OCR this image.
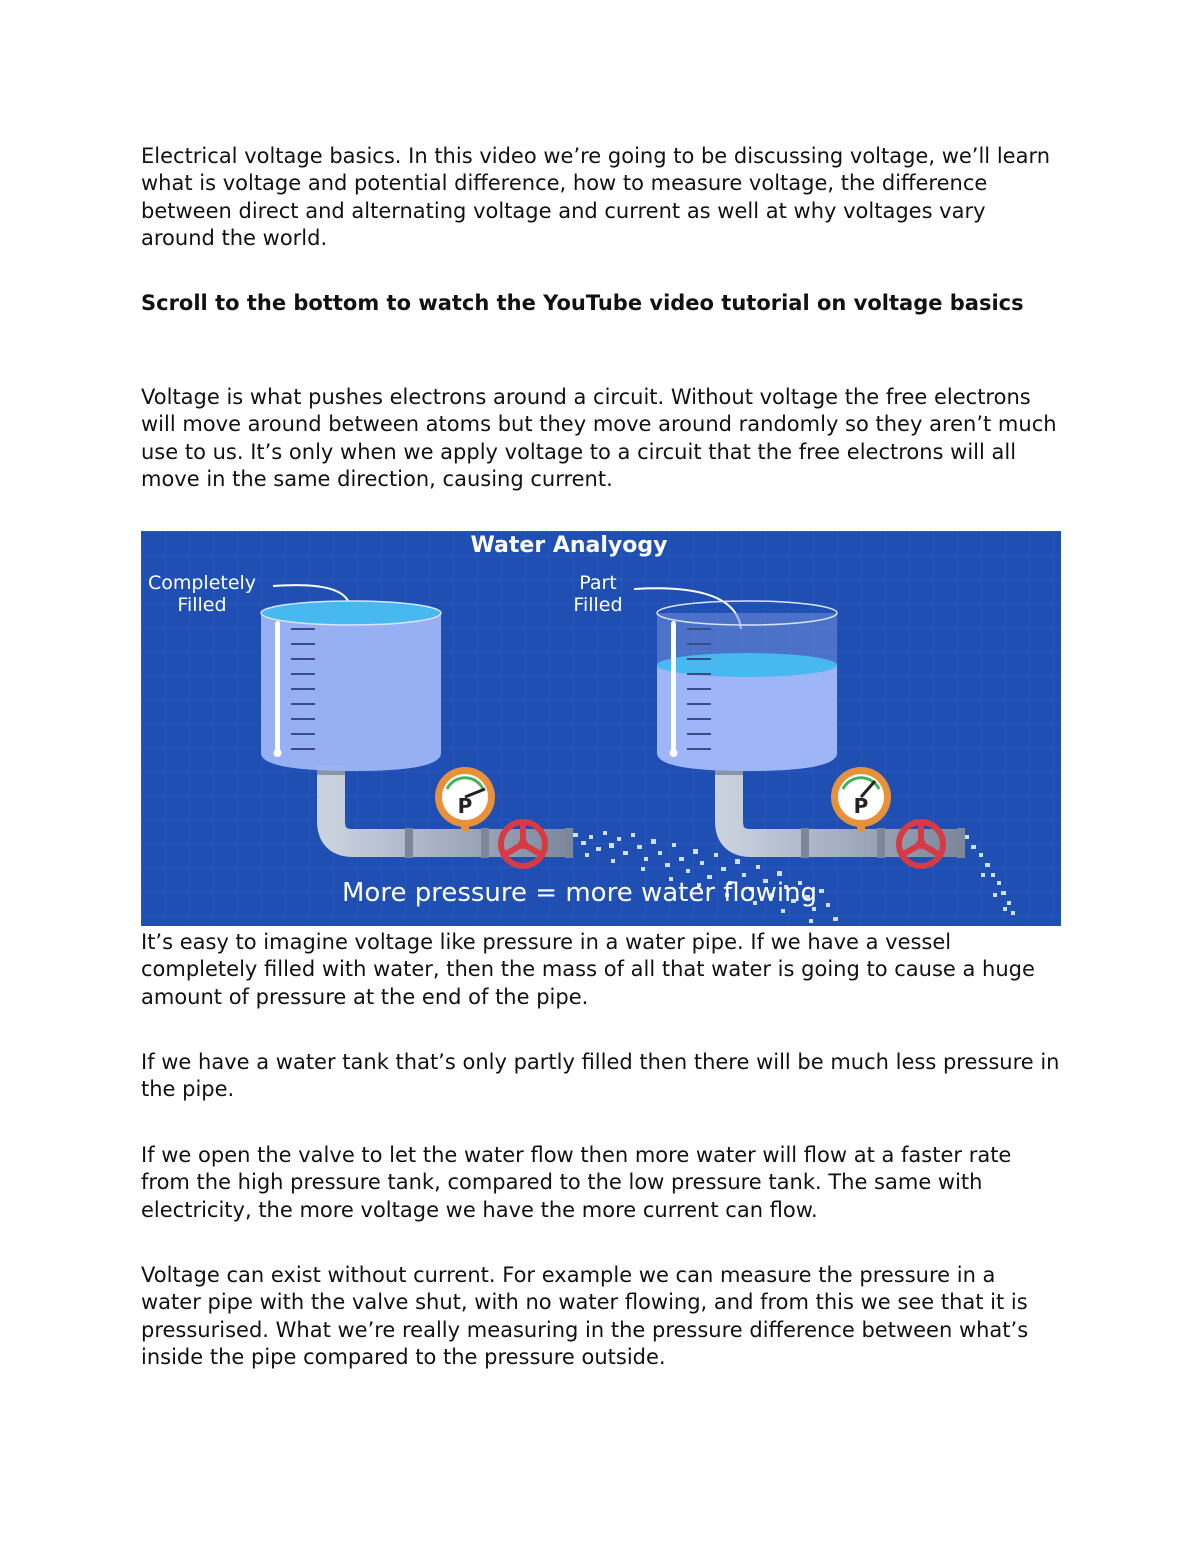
Electrical voltage basics. In this video we’re going to be discussing voltage, we’ll learn what is voltage and potential difference, how to measure voltage, the difference between direct and alternating voltage and current as well at why voltages vary around the world.

Scroll to the bottom to watch the YouTube video tutorial on voltage basics

Voltage is what pushes electrons around a circuit. Without voltage the free electrons will move around between atoms but they move around randomly so they aren’t much use to us. It’s only when we apply voltage to a circuit that the free electrons will all move in the same direction, causing current.

Water Analyogy
Completely
Filled
Part
Filled
P	P
More pressure = more water flowing

It’s easy to imagine voltage like pressure in a water pipe. If we have a vessel completely filled with water, then the mass of all that water is going to cause a huge amount of pressure at the end of the pipe.

If we have a water tank that’s only partly filled then there will be much less pressure in the pipe.

If we open the valve to let the water flow then more water will flow at a faster rate from the high pressure tank, compared to the low pressure tank. The same with electricity, the more voltage we have the more current can flow.

Voltage can exist without current. For example we can measure the pressure in a water pipe with the valve shut, with no water flowing, and from this we see that it is pressurised. What we’re really measuring in the pressure difference between what’s inside the pipe compared to the pressure outside.
